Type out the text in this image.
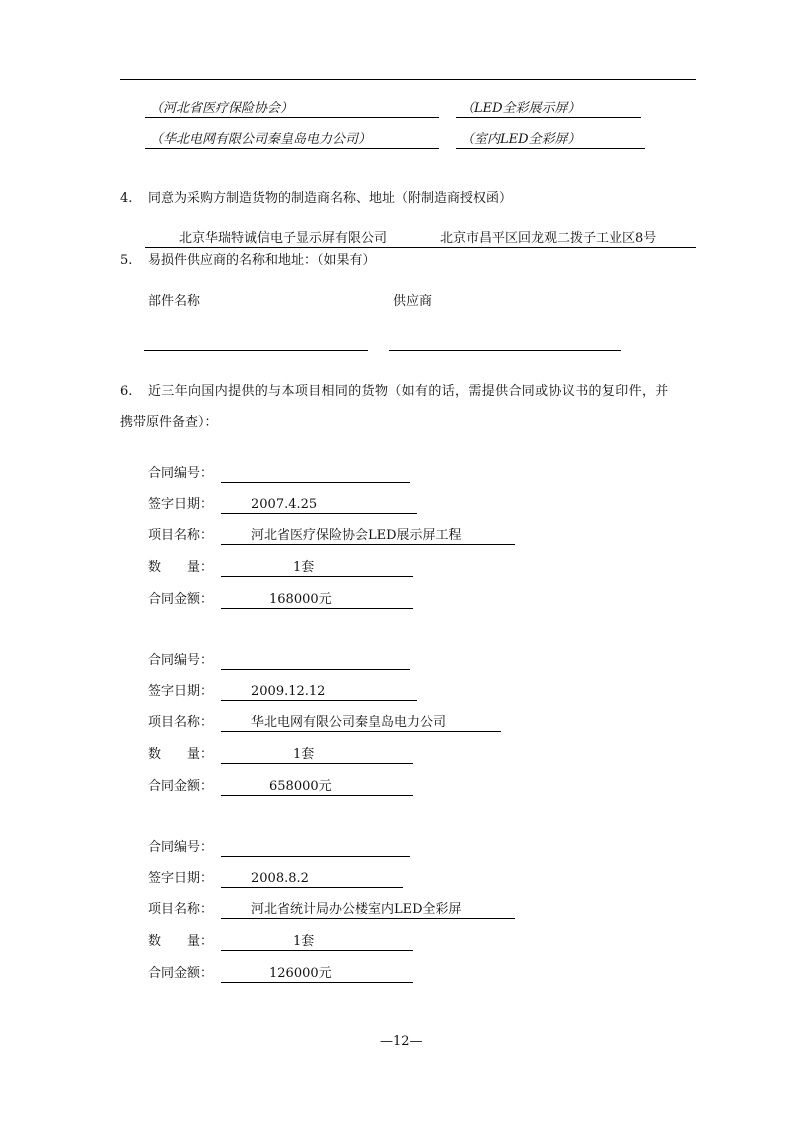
（河北省医疗保险协会）	（LED全彩展示屏）
（华北电网有限公司秦皇岛电力公司）	（室内LED全彩屏）
4. 同意为采购方制造货物的制造商名称、地址（附制造商授权函）
北京华瑞特诚信电子显示屏有限公司	北京市昌平区回龙观二拨子工业区8号
5. 易损件供应商的名称和地址：（如果有）
部件名称	供应商
6. 近三年向国内提供的与本项目相同的货物（如有的话，需提供合同或协议书的复印件，并
携带原件备查）：
合同编号：
签字日期：	2007.4.25
项目名称：	河北省医疗保险协会LED展示屏工程
数　　量：	1套
合同金额：	168000元
合同编号：
签字日期：	2009.12.12
项目名称：	华北电网有限公司秦皇岛电力公司
数　　量：	1套
合同金额：	658000元
合同编号：
签字日期：	2008.8.2
项目名称：	河北省统计局办公楼室内LED全彩屏
数　　量：	1套
合同金额：	126000元
—12—
